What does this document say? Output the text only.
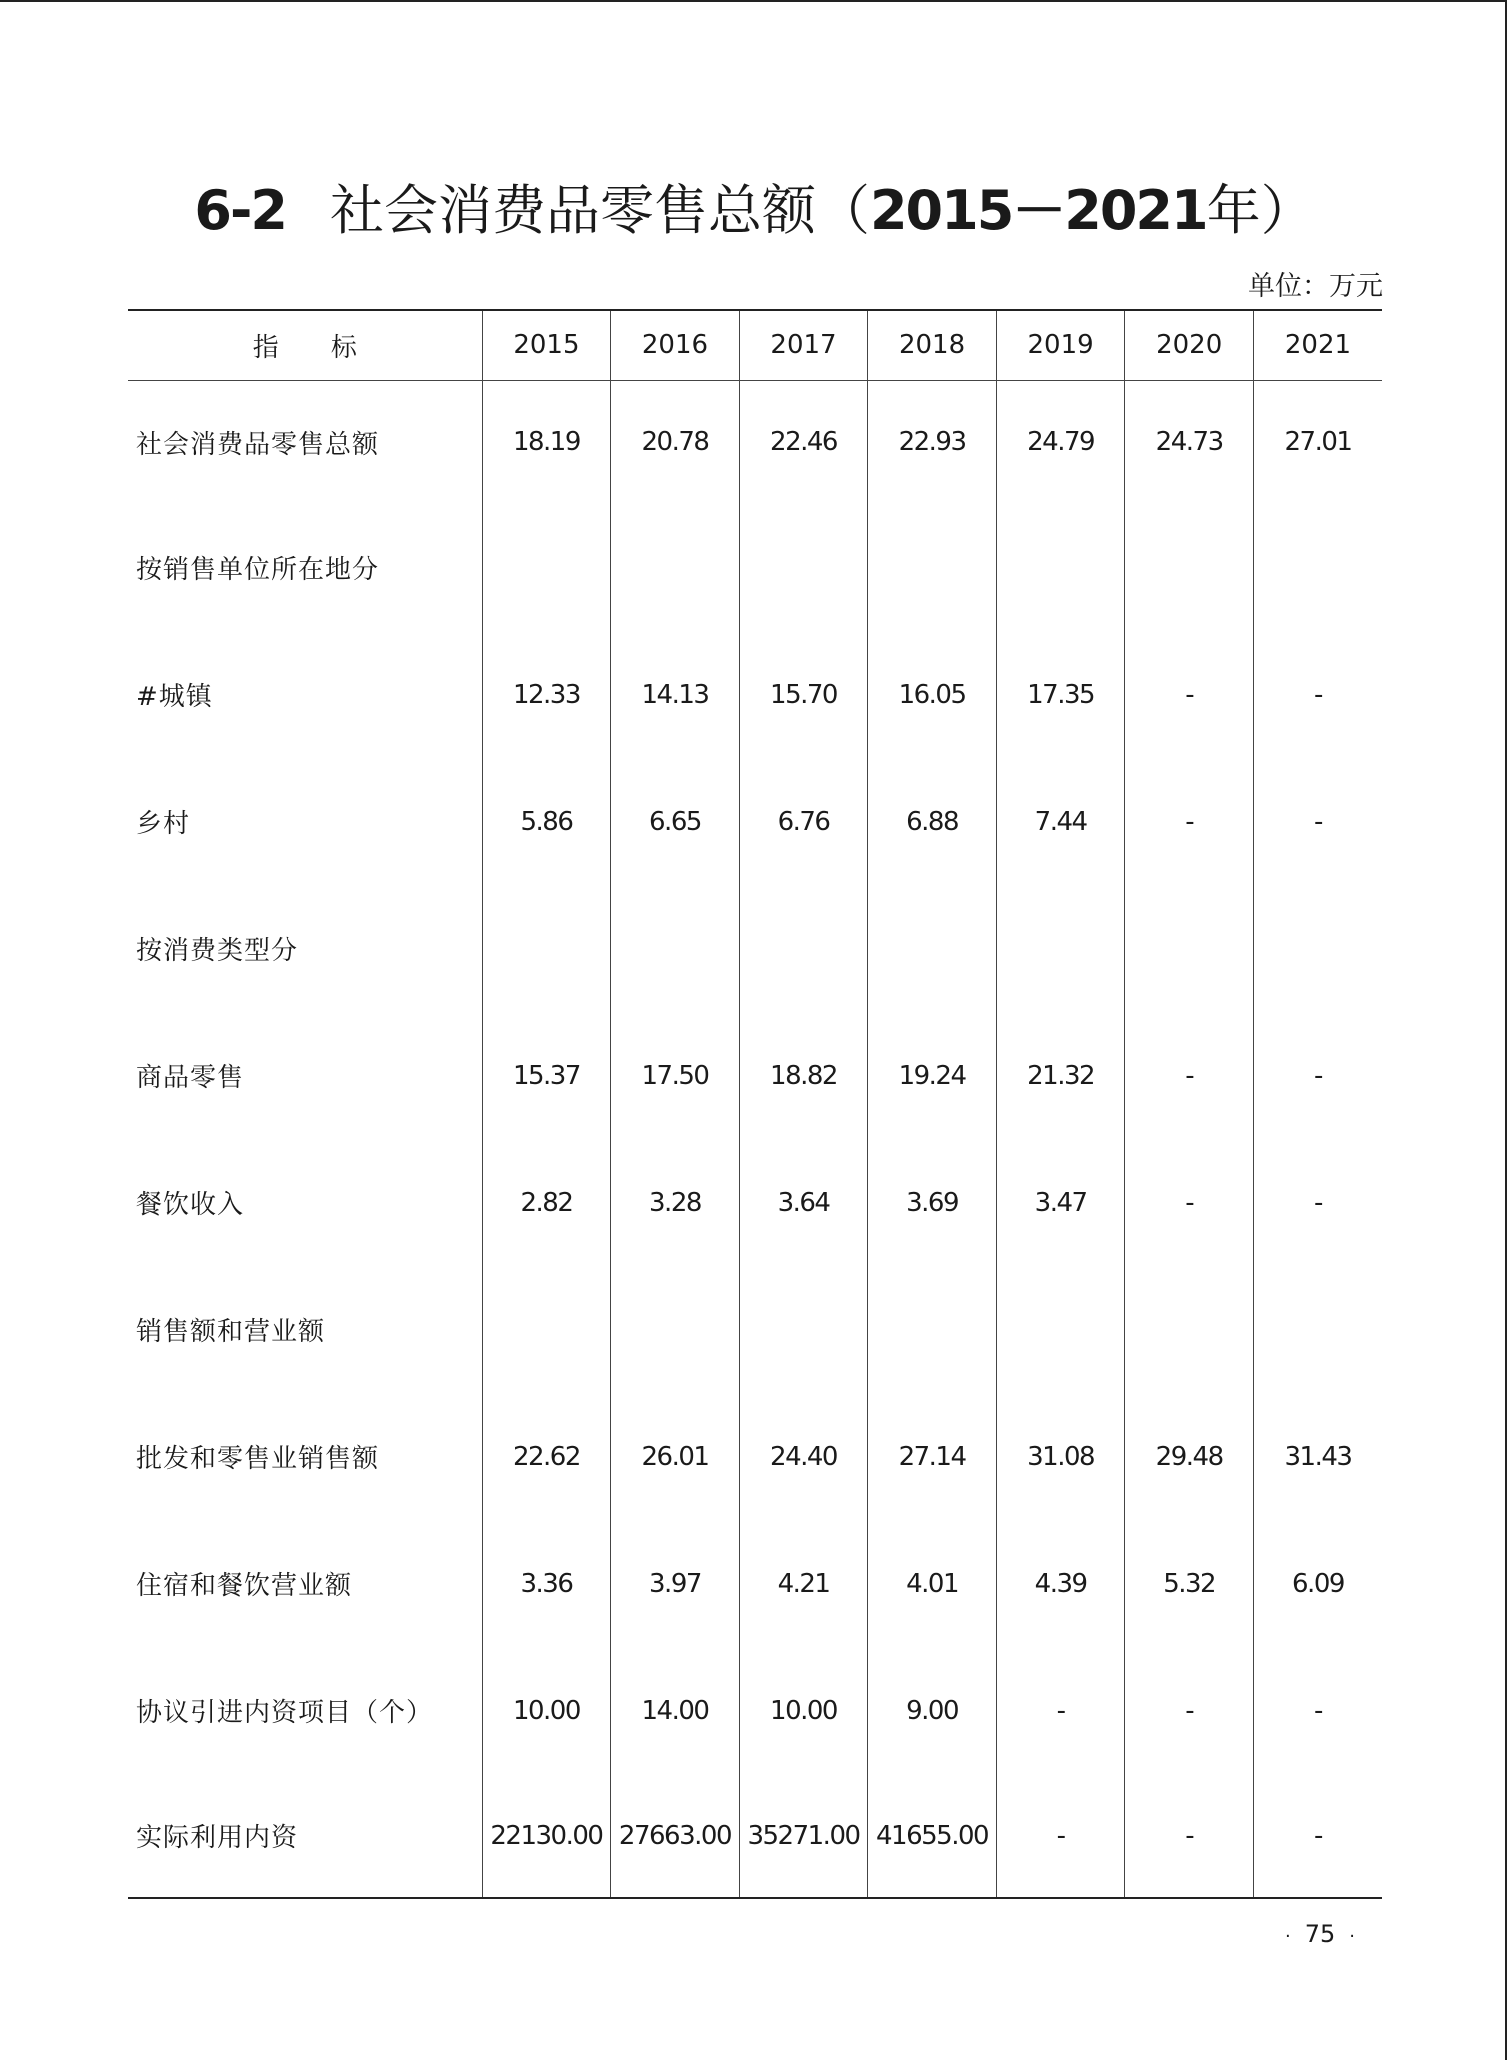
6-2 社会消费品零售总额（2015－2021年）
单位：万元
指 标	2015	2016	2017	2018	2019	2020	2021
社会消费品零售总额	18.19	20.78	22.46	22.93	24.79	24.73	27.01
按销售单位所在地分							
#城镇	12.33	14.13	15.70	16.05	17.35	-	-
乡村	5.86	6.65	6.76	6.88	7.44	-	-
按消费类型分							
商品零售	15.37	17.50	18.82	19.24	21.32	-	-
餐饮收入	2.82	3.28	3.64	3.69	3.47	-	-
销售额和营业额							
批发和零售业销售额	22.62	26.01	24.40	27.14	31.08	29.48	31.43
住宿和餐饮营业额	3.36	3.97	4.21	4.01	4.39	5.32	6.09
协议引进内资项目（个）	10.00	14.00	10.00	9.00	-	-	-
实际利用内资	22130.00	27663.00	35271.00	41655.00	-	-	-
· 75 ·
